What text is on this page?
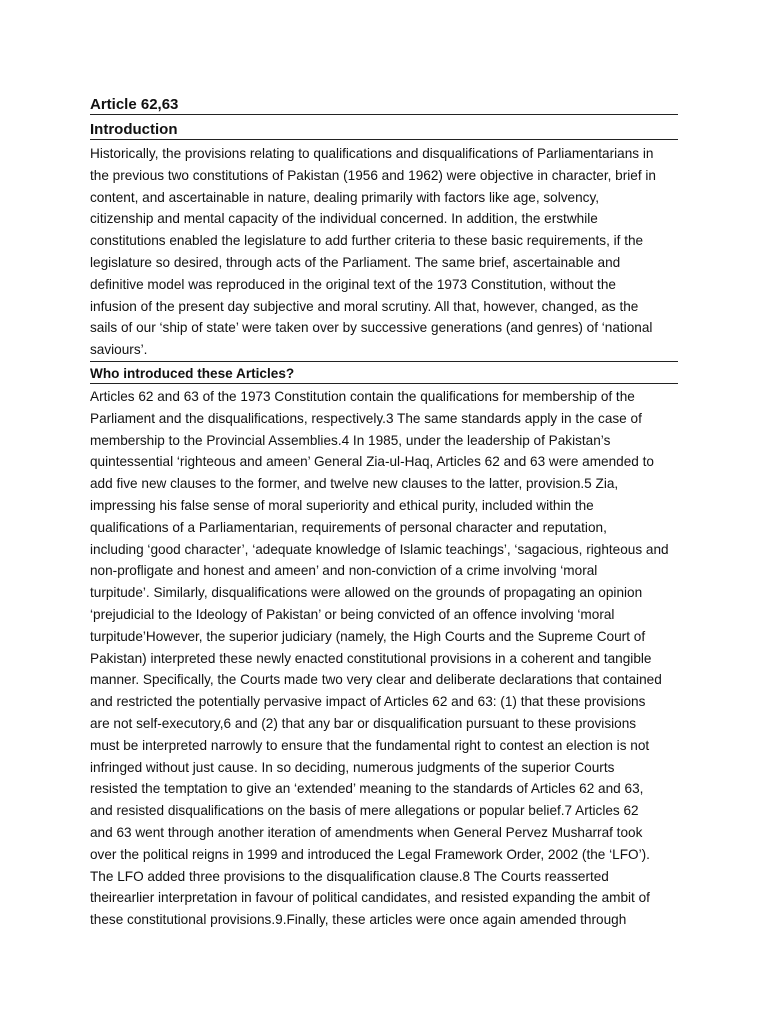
Article 62,63
Introduction
Historically, the provisions relating to qualifications and disqualifications of Parliamentarians in
the previous two constitutions of Pakistan (1956 and 1962) were objective in character, brief in
content, and ascertainable in nature, dealing primarily with factors like age, solvency,
citizenship and mental capacity of the individual concerned. In addition, the erstwhile
constitutions enabled the legislature to add further criteria to these basic requirements, if the
legislature so desired, through acts of the Parliament. The same brief, ascertainable and
definitive model was reproduced in the original text of the 1973 Constitution, without the
infusion of the present day subjective and moral scrutiny. All that, however, changed, as the
sails of our ‘ship of state’ were taken over by successive generations (and genres) of ‘national
saviours’.
Who introduced these Articles?
Articles 62 and 63 of the 1973 Constitution contain the qualifications for membership of the
Parliament and the disqualifications, respectively.3 The same standards apply in the case of
membership to the Provincial Assemblies.4 In 1985, under the leadership of Pakistan’s
quintessential ‘righteous and ameen’ General Zia-ul-Haq, Articles 62 and 63 were amended to
add five new clauses to the former, and twelve new clauses to the latter, provision.5 Zia,
impressing his false sense of moral superiority and ethical purity, included within the
qualifications of a Parliamentarian, requirements of personal character and reputation,
including ‘good character’, ‘adequate knowledge of Islamic teachings’, ‘sagacious, righteous and
non-profligate and honest and ameen’ and non-conviction of a crime involving ‘moral
turpitude’. Similarly, disqualifications were allowed on the grounds of propagating an opinion
‘prejudicial to the Ideology of Pakistan’ or being convicted of an offence involving ‘moral
turpitude’However, the superior judiciary (namely, the High Courts and the Supreme Court of
Pakistan) interpreted these newly enacted constitutional provisions in a coherent and tangible
manner. Specifically, the Courts made two very clear and deliberate declarations that contained
and restricted the potentially pervasive impact of Articles 62 and 63: (1) that these provisions
are not self-executory,6 and (2) that any bar or disqualification pursuant to these provisions
must be interpreted narrowly to ensure that the fundamental right to contest an election is not
infringed without just cause. In so deciding, numerous judgments of the superior Courts
resisted the temptation to give an ‘extended’ meaning to the standards of Articles 62 and 63,
and resisted disqualifications on the basis of mere allegations or popular belief.7 Articles 62
and 63 went through another iteration of amendments when General Pervez Musharraf took
over the political reigns in 1999 and introduced the Legal Framework Order, 2002 (the ‘LFO’).
The LFO added three provisions to the disqualification clause.8 The Courts reasserted
theirearlier interpretation in favour of political candidates, and resisted expanding the ambit of
these constitutional provisions.9.Finally, these articles were once again amended through
